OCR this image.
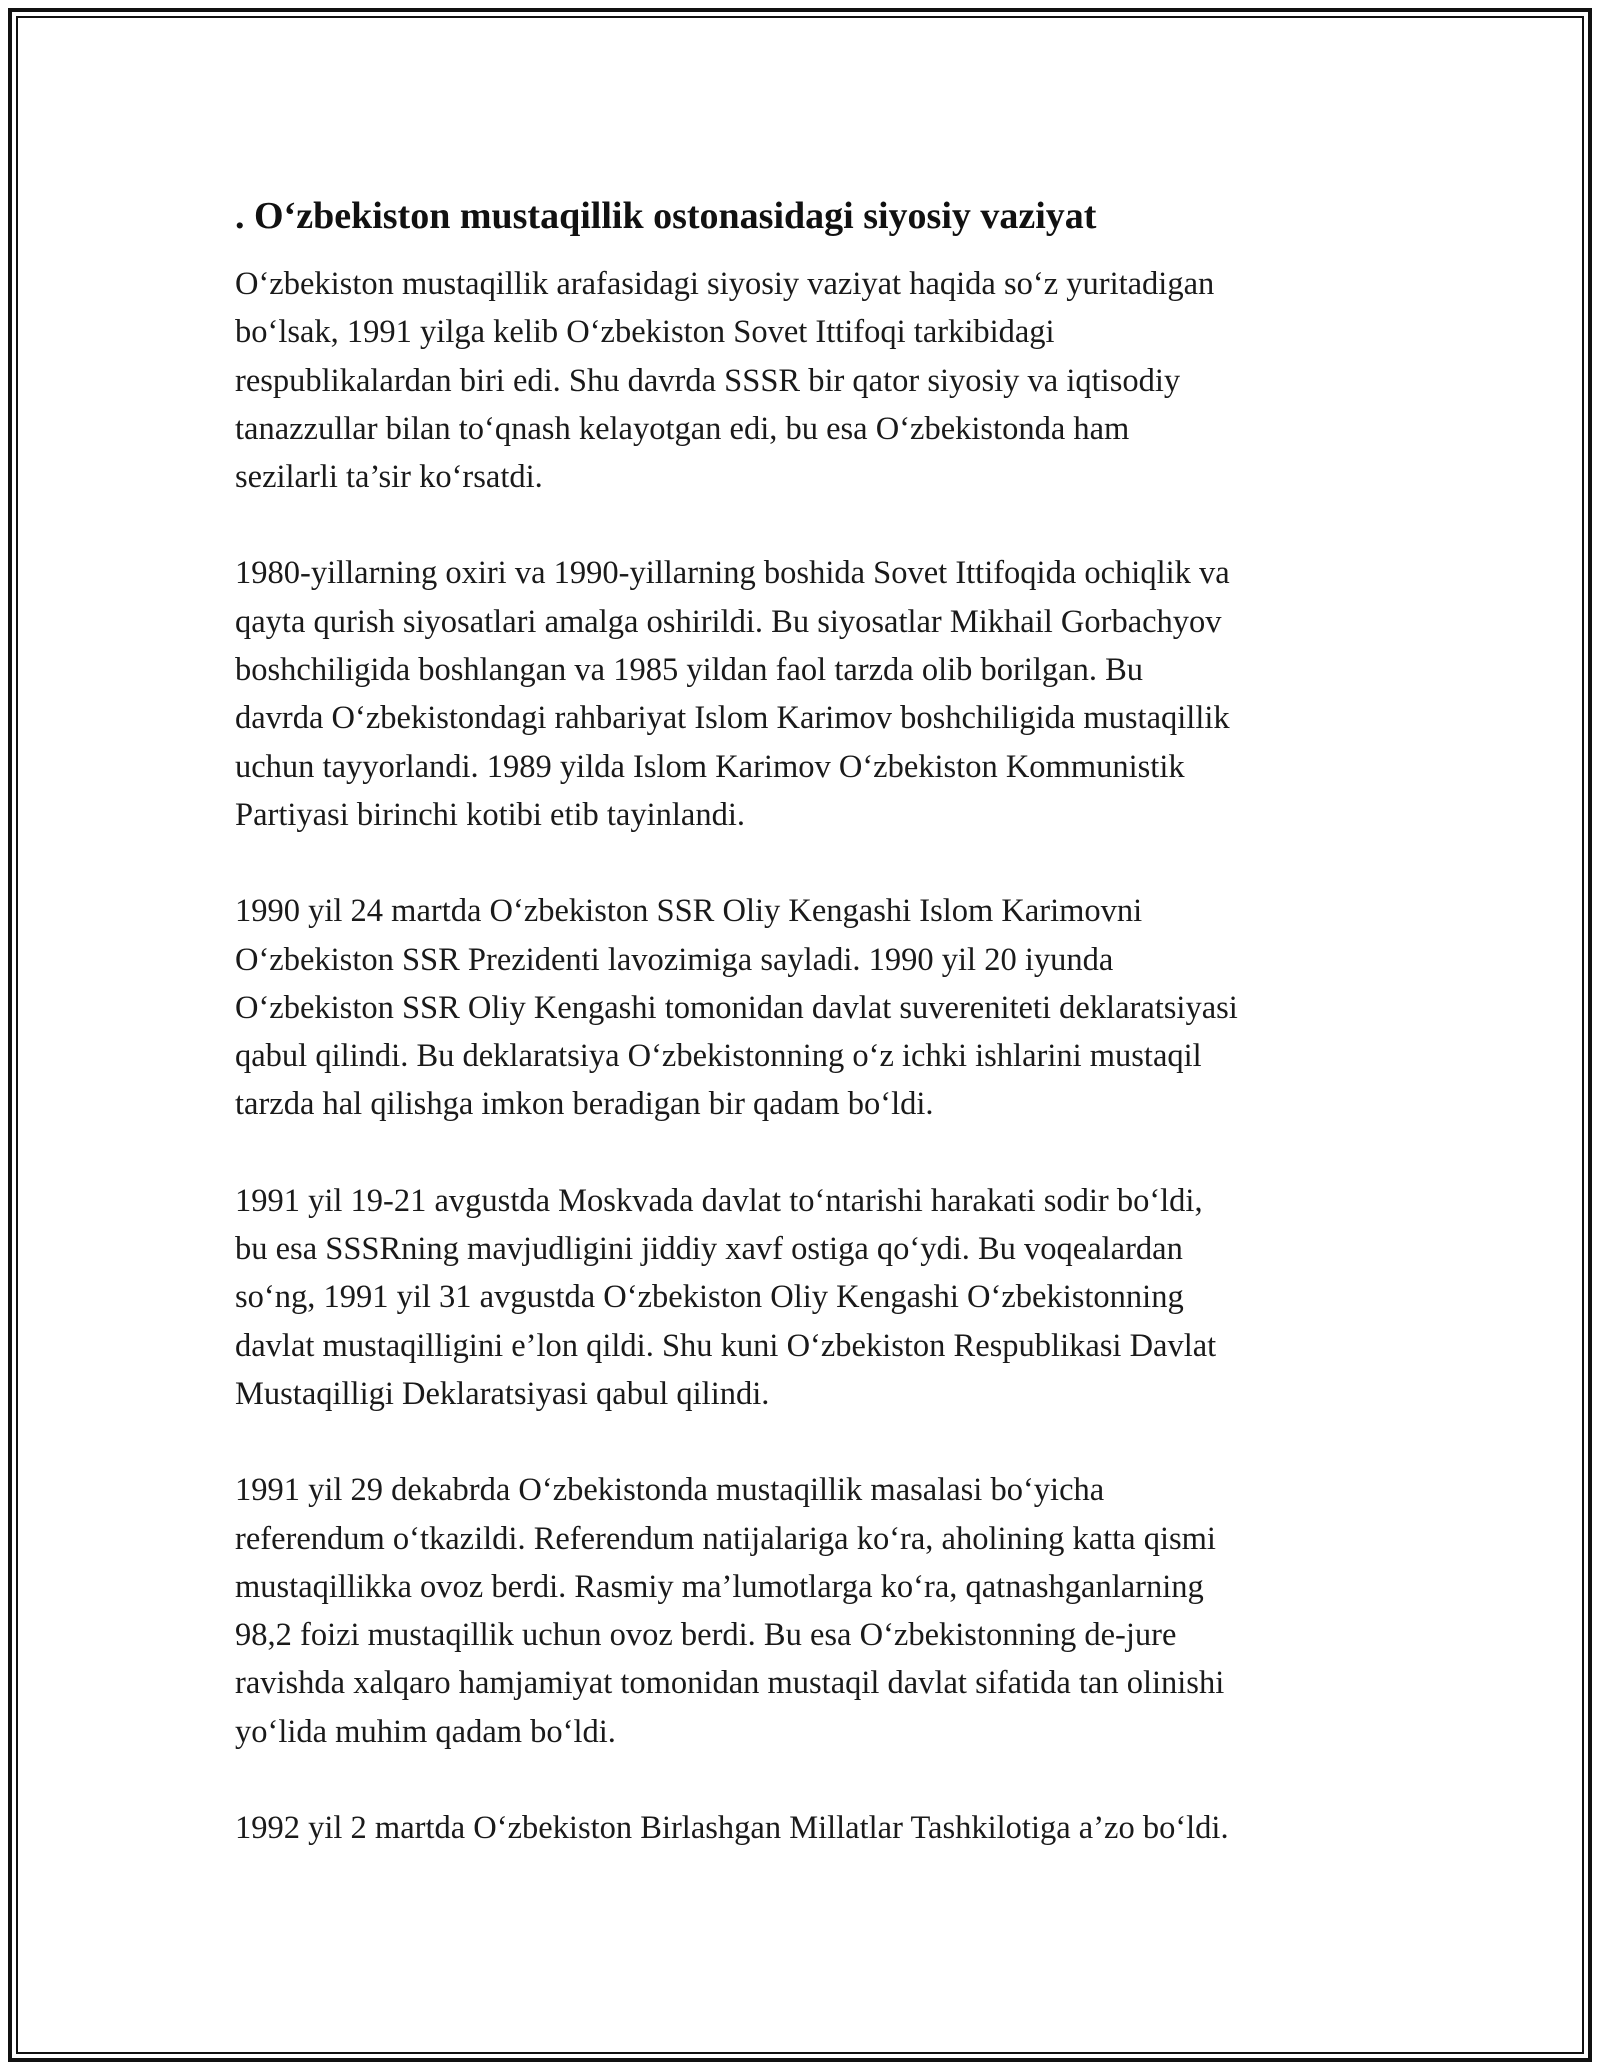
. O‘zbekiston mustaqillik ostonasidagi siyosiy vaziyat

O‘zbekiston mustaqillik arafasidagi siyosiy vaziyat haqida so‘z yuritadigan
bo‘lsak, 1991 yilga kelib O‘zbekiston Sovet Ittifoqi tarkibidagi
respublikalardan biri edi. Shu davrda SSSR bir qator siyosiy va iqtisodiy
tanazzullar bilan to‘qnash kelayotgan edi, bu esa O‘zbekistonda ham
sezilarli ta’sir ko‘rsatdi.

1980-yillarning oxiri va 1990-yillarning boshida Sovet Ittifoqida ochiqlik va
qayta qurish siyosatlari amalga oshirildi. Bu siyosatlar Mikhail Gorbachyov
boshchiligida boshlangan va 1985 yildan faol tarzda olib borilgan. Bu
davrda O‘zbekistondagi rahbariyat Islom Karimov boshchiligida mustaqillik
uchun tayyorlandi. 1989 yilda Islom Karimov O‘zbekiston Kommunistik
Partiyasi birinchi kotibi etib tayinlandi.

1990 yil 24 martda O‘zbekiston SSR Oliy Kengashi Islom Karimovni
O‘zbekiston SSR Prezidenti lavozimiga sayladi. 1990 yil 20 iyunda
O‘zbekiston SSR Oliy Kengashi tomonidan davlat suvereniteti deklaratsiyasi
qabul qilindi. Bu deklaratsiya O‘zbekistonning o‘z ichki ishlarini mustaqil
tarzda hal qilishga imkon beradigan bir qadam bo‘ldi.

1991 yil 19-21 avgustda Moskvada davlat to‘ntarishi harakati sodir bo‘ldi,
bu esa SSSRning mavjudligini jiddiy xavf ostiga qo‘ydi. Bu voqealardan
so‘ng, 1991 yil 31 avgustda O‘zbekiston Oliy Kengashi O‘zbekistonning
davlat mustaqilligini e’lon qildi. Shu kuni O‘zbekiston Respublikasi Davlat
Mustaqilligi Deklaratsiyasi qabul qilindi.

1991 yil 29 dekabrda O‘zbekistonda mustaqillik masalasi bo‘yicha
referendum o‘tkazildi. Referendum natijalariga ko‘ra, aholining katta qismi
mustaqillikka ovoz berdi. Rasmiy ma’lumotlarga ko‘ra, qatnashganlarning
98,2 foizi mustaqillik uchun ovoz berdi. Bu esa O‘zbekistonning de-jure
ravishda xalqaro hamjamiyat tomonidan mustaqil davlat sifatida tan olinishi
yo‘lida muhim qadam bo‘ldi.

1992 yil 2 martda O‘zbekiston Birlashgan Millatlar Tashkilotiga a’zo bo‘ldi.
